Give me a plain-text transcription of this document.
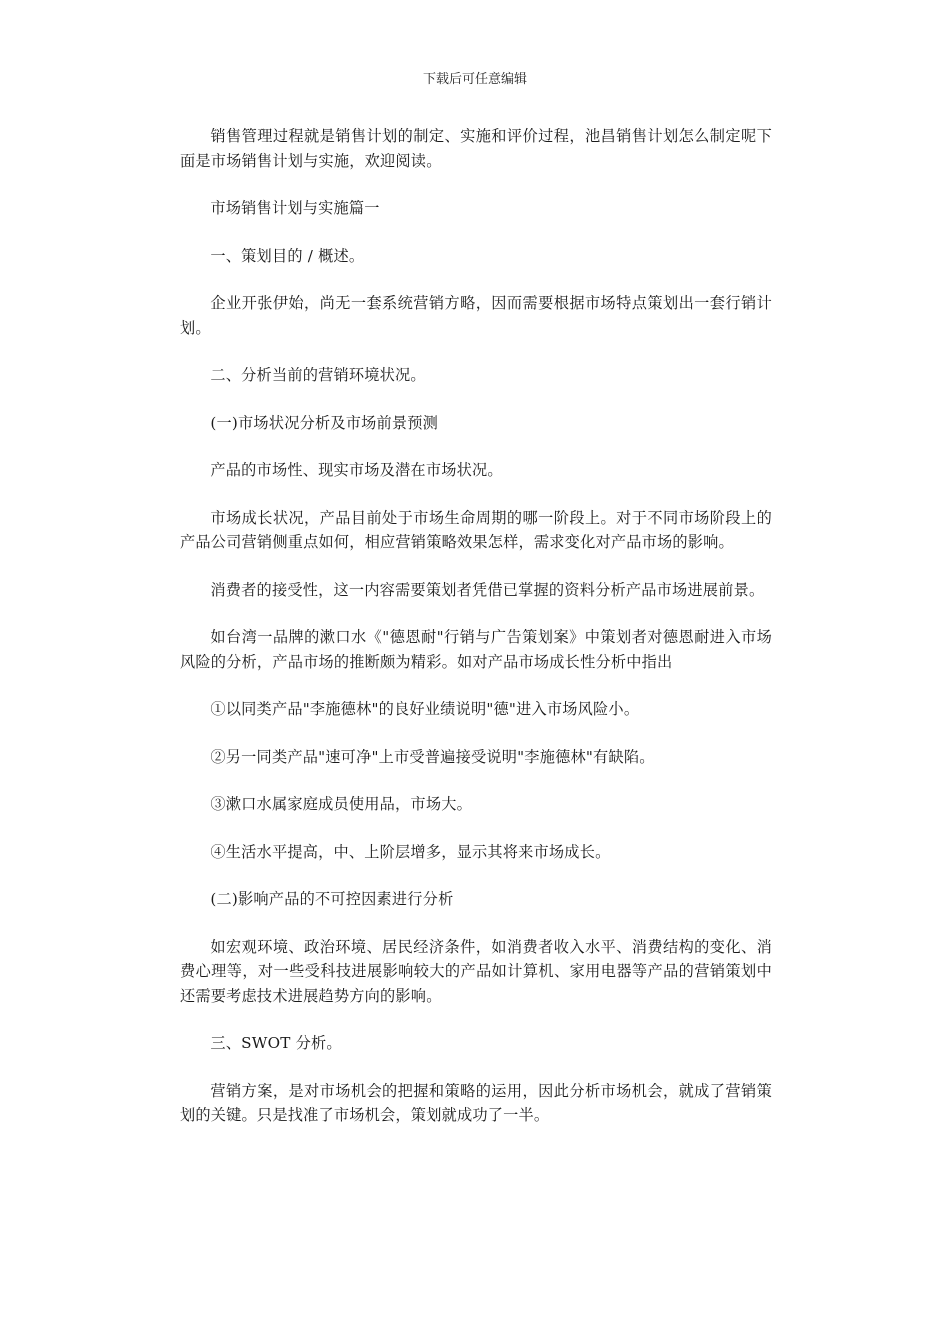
下载后可任意编辑

销售管理过程就是销售计划的制定、实施和评价过程，池昌销售计划怎么制定呢下面是市场销售计划与实施，欢迎阅读。

市场销售计划与实施篇一

一、策划目的 / 概述。

企业开张伊始，尚无一套系统营销方略，因而需要根据市场特点策划出一套行销计划。

二、分析当前的营销环境状况。

(一)市场状况分析及市场前景预测

产品的市场性、现实市场及潜在市场状况。

市场成长状况，产品目前处于市场生命周期的哪一阶段上。对于不同市场阶段上的产品公司营销侧重点如何，相应营销策略效果怎样，需求变化对产品市场的影响。

消费者的接受性，这一内容需要策划者凭借已掌握的资料分析产品市场进展前景。

如台湾一品牌的漱口水《"德恩耐"行销与广告策划案》中策划者对德恩耐进入市场风险的分析，产品市场的推断颇为精彩。如对产品市场成长性分析中指出

①以同类产品"李施德林"的良好业绩说明"德"进入市场风险小。

②另一同类产品"速可净"上市受普遍接受说明"李施德林"有缺陷。

③漱口水属家庭成员使用品，市场大。

④生活水平提高，中、上阶层增多，显示其将来市场成长。

(二)影响产品的不可控因素进行分析

如宏观环境、政治环境、居民经济条件，如消费者收入水平、消费结构的变化、消费心理等，对一些受科技进展影响较大的产品如计算机、家用电器等产品的营销策划中还需要考虑技术进展趋势方向的影响。

三、SWOT 分析。

营销方案，是对市场机会的把握和策略的运用，因此分析市场机会，就成了营销策划的关键。只是找准了市场机会，策划就成功了一半。
